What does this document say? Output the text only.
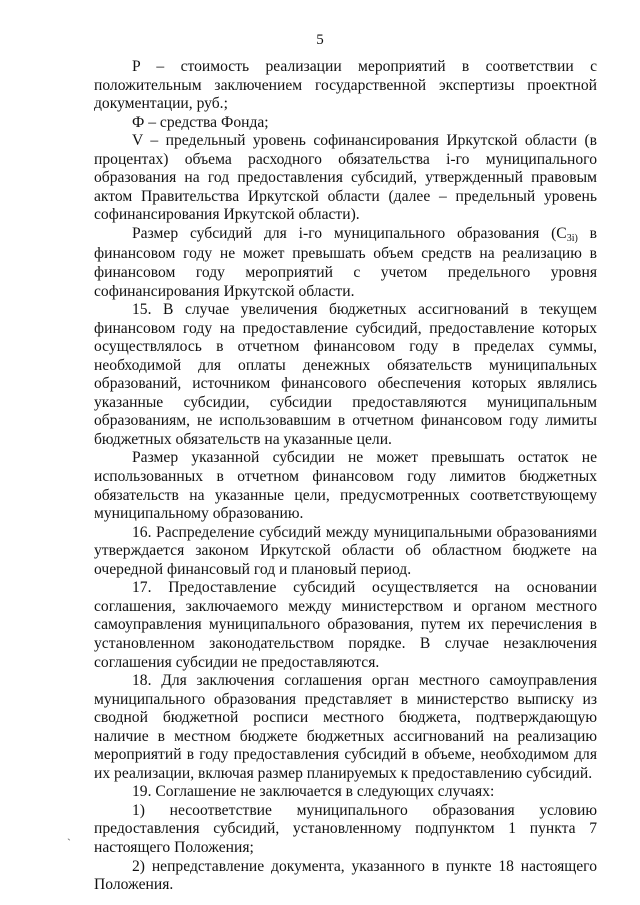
5

P – стоимость реализации мероприятий в соответствии с положительным заключением государственной экспертизы проектной документации, руб.;

Ф – средства Фонда;

V – предельный уровень софинансирования Иркутской области (в процентах) объема расходного обязательства i-го муниципального образования на год предоставления субсидий, утвержденный правовым актом Правительства Иркутской области (далее – предельный уровень софинансирования Иркутской области).

Размер субсидий для i-го муниципального образования (C3i) в финансовом году не может превышать объем средств на реализацию в финансовом году мероприятий с учетом предельного уровня софинансирования Иркутской области.

15. В случае увеличения бюджетных ассигнований в текущем финансовом году на предоставление субсидий, предоставление которых осуществлялось в отчетном финансовом году в пределах суммы, необходимой для оплаты денежных обязательств муниципальных образований, источником финансового обеспечения которых являлись указанные субсидии, субсидии предоставляются муниципальным образованиям, не использовавшим в отчетном финансовом году лимиты бюджетных обязательств на указанные цели.

Размер указанной субсидии не может превышать остаток не использованных в отчетном финансовом году лимитов бюджетных обязательств на указанные цели, предусмотренных соответствующему муниципальному образованию.

16. Распределение субсидий между муниципальными образованиями утверждается законом Иркутской области об областном бюджете на очередной финансовый год и плановый период.

17. Предоставление субсидий осуществляется на основании соглашения, заключаемого между министерством и органом местного самоуправления муниципального образования, путем их перечисления в установленном законодательством порядке. В случае незаключения соглашения субсидии не предоставляются.

18. Для заключения соглашения орган местного самоуправления муниципального образования представляет в министерство выписку из сводной бюджетной росписи местного бюджета, подтверждающую наличие в местном бюджете бюджетных ассигнований на реализацию мероприятий в году предоставления субсидий в объеме, необходимом для их реализации, включая размер планируемых к предоставлению субсидий.

19. Соглашение не заключается в следующих случаях:

1) несоответствие муниципального образования условию предоставления субсидий, установленному подпунктом 1 пункта 7 настоящего Положения;

2) непредставление документа, указанного в пункте 18 настоящего Положения.

`
